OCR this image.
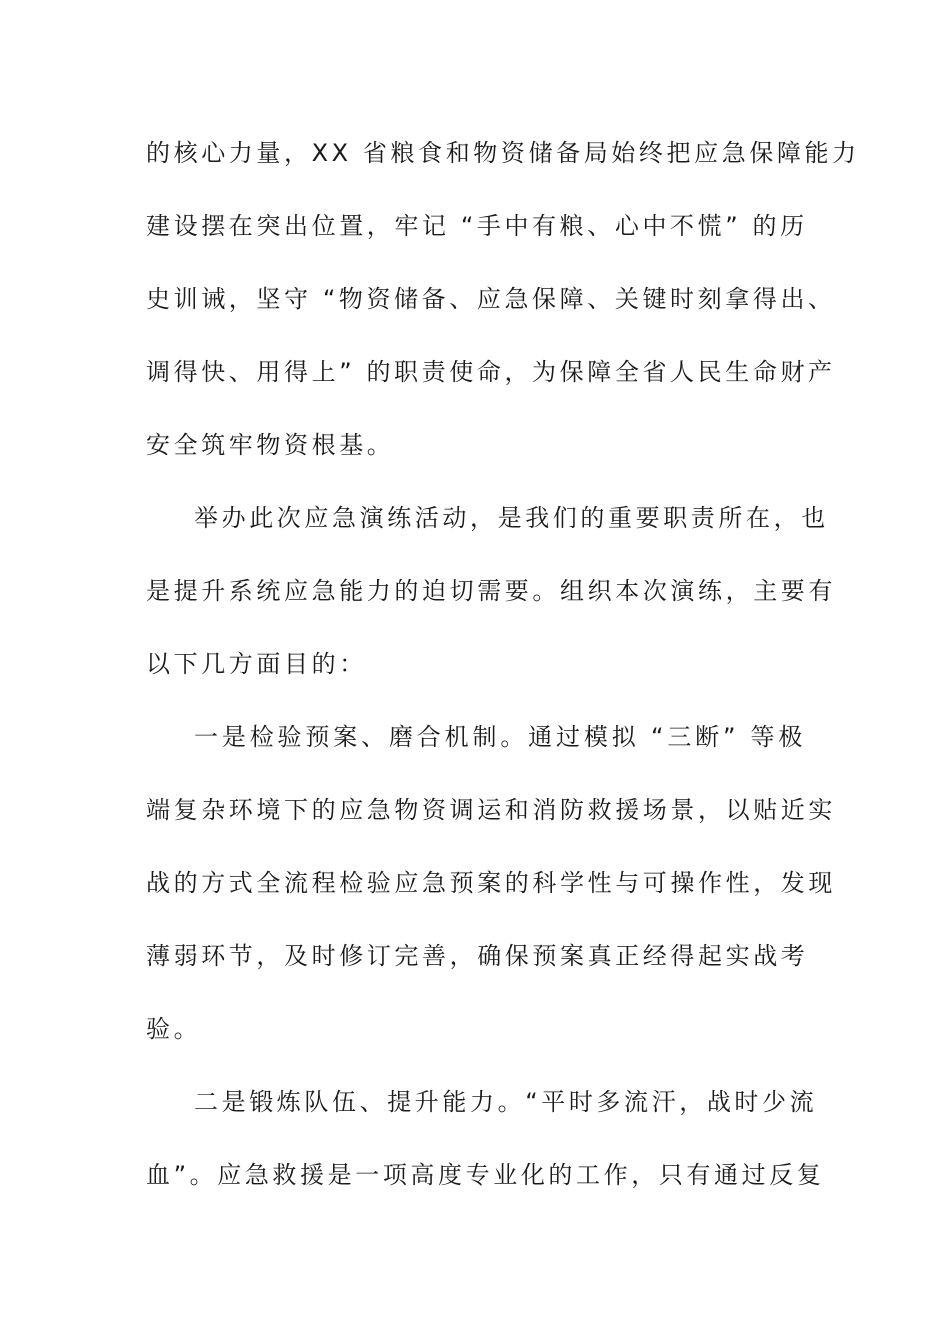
的核心力量，XX 省粮食和物资储备局始终把应急保障能力
建设摆在突出位置，牢记 “手中有粮、心中不慌” 的历
史训诫，坚守 “物资储备、应急保障、关键时刻拿得出、
调得快、用得上” 的职责使命，为保障全省人民生命财产
安全筑牢物资根基。
举办此次应急演练活动，是我们的重要职责所在，也
是提升系统应急能力的迫切需要。组织本次演练，主要有
以下几方面目的：
一是检验预案、磨合机制。通过模拟 “三断” 等极
端复杂环境下的应急物资调运和消防救援场景，以贴近实
战的方式全流程检验应急预案的科学性与可操作性，发现
薄弱环节，及时修订完善，确保预案真正经得起实战考
验。
二是锻炼队伍、提升能力。“平时多流汗，战时少流
血”。应急救援是一项高度专业化的工作，只有通过反复
